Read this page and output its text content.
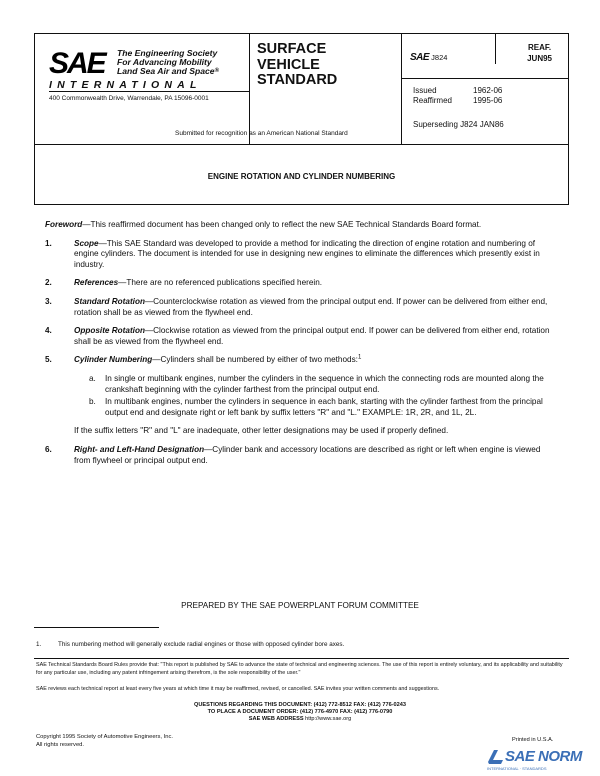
SAE The Engineering Society
For Advancing Mobility
Land Sea Air and Space®
INTERNATIONAL
400 Commonwealth Drive, Warrendale, PA 15096-0001
Submitted for recognition as an American National Standard
SURFACE
VEHICLE
STANDARD
SAE J824
REAF.
JUN95
Issued	1962-06
Reaffirmed	1995-06
Superseding J824 JAN86
ENGINE ROTATION AND CYLINDER NUMBERING
Foreword—This reaffirmed document has been changed only to reflect the new SAE Technical Standards Board format.
1.	Scope—This SAE Standard was developed to provide a method for indicating the direction of engine rotation and numbering of engine cylinders. The document is intended for use in designing new engines to eliminate the differences which presently exist in industry.
2.	References—There are no referenced publications specified herein.
3.	Standard Rotation—Counterclockwise rotation as viewed from the principal output end. If power can be delivered from either end, rotation shall be as viewed from the flywheel end.
4.	Opposite Rotation—Clockwise rotation as viewed from the principal output end. If power can be delivered from either end, rotation shall be as viewed from the flywheel end.
5.	Cylinder Numbering—Cylinders shall be numbered by either of two methods:$^1$
a. In single or multibank engines, number the cylinders in the sequence in which the connecting rods are mounted along the crankshaft beginning with the cylinder farthest from the principal output end.
b. In multibank engines, number the cylinders in sequence in each bank, starting with the cylinder farthest from the principal output end and designate right or left bank by suffix letters "R" and "L." EXAMPLE: 1R, 2R, and 1L, 2L.
If the suffix letters "R" and "L" are inadequate, other letter designations may be used if properly defined.
6.	Right- and Left-Hand Designation—Cylinder bank and accessory locations are described as right or left when engine is viewed from flywheel or principal output end.
PREPARED BY THE SAE POWERPLANT FORUM COMMITTEE
1.	This numbering method will generally exclude radial engines or those with opposed cylinder bore axes.
SAE Technical Standards Board Rules provide that: "This report is published by SAE to advance the state of technical and engineering sciences. The use of this report is entirely voluntary, and its applicability and suitability for any particular use, including any patent infringement arising therefrom, is the sole responsibility of the user."
SAE reviews each technical report at least every five years at which time it may be reaffirmed, revised, or cancelled. SAE invites your written comments and suggestions.
QUESTIONS REGARDING THIS DOCUMENT: (412) 772-8512 FAX: (412) 776-0243
TO PLACE A DOCUMENT ORDER: (412) 776-4970 FAX: (412) 776-0790
SAE WEB ADDRESS http://www.sae.org
Copyright 1995 Society of Automotive Engineers, Inc.
All rights reserved.
Printed in U.S.A.
SAE NORM
INTERNATIONAL · STANDARDS
